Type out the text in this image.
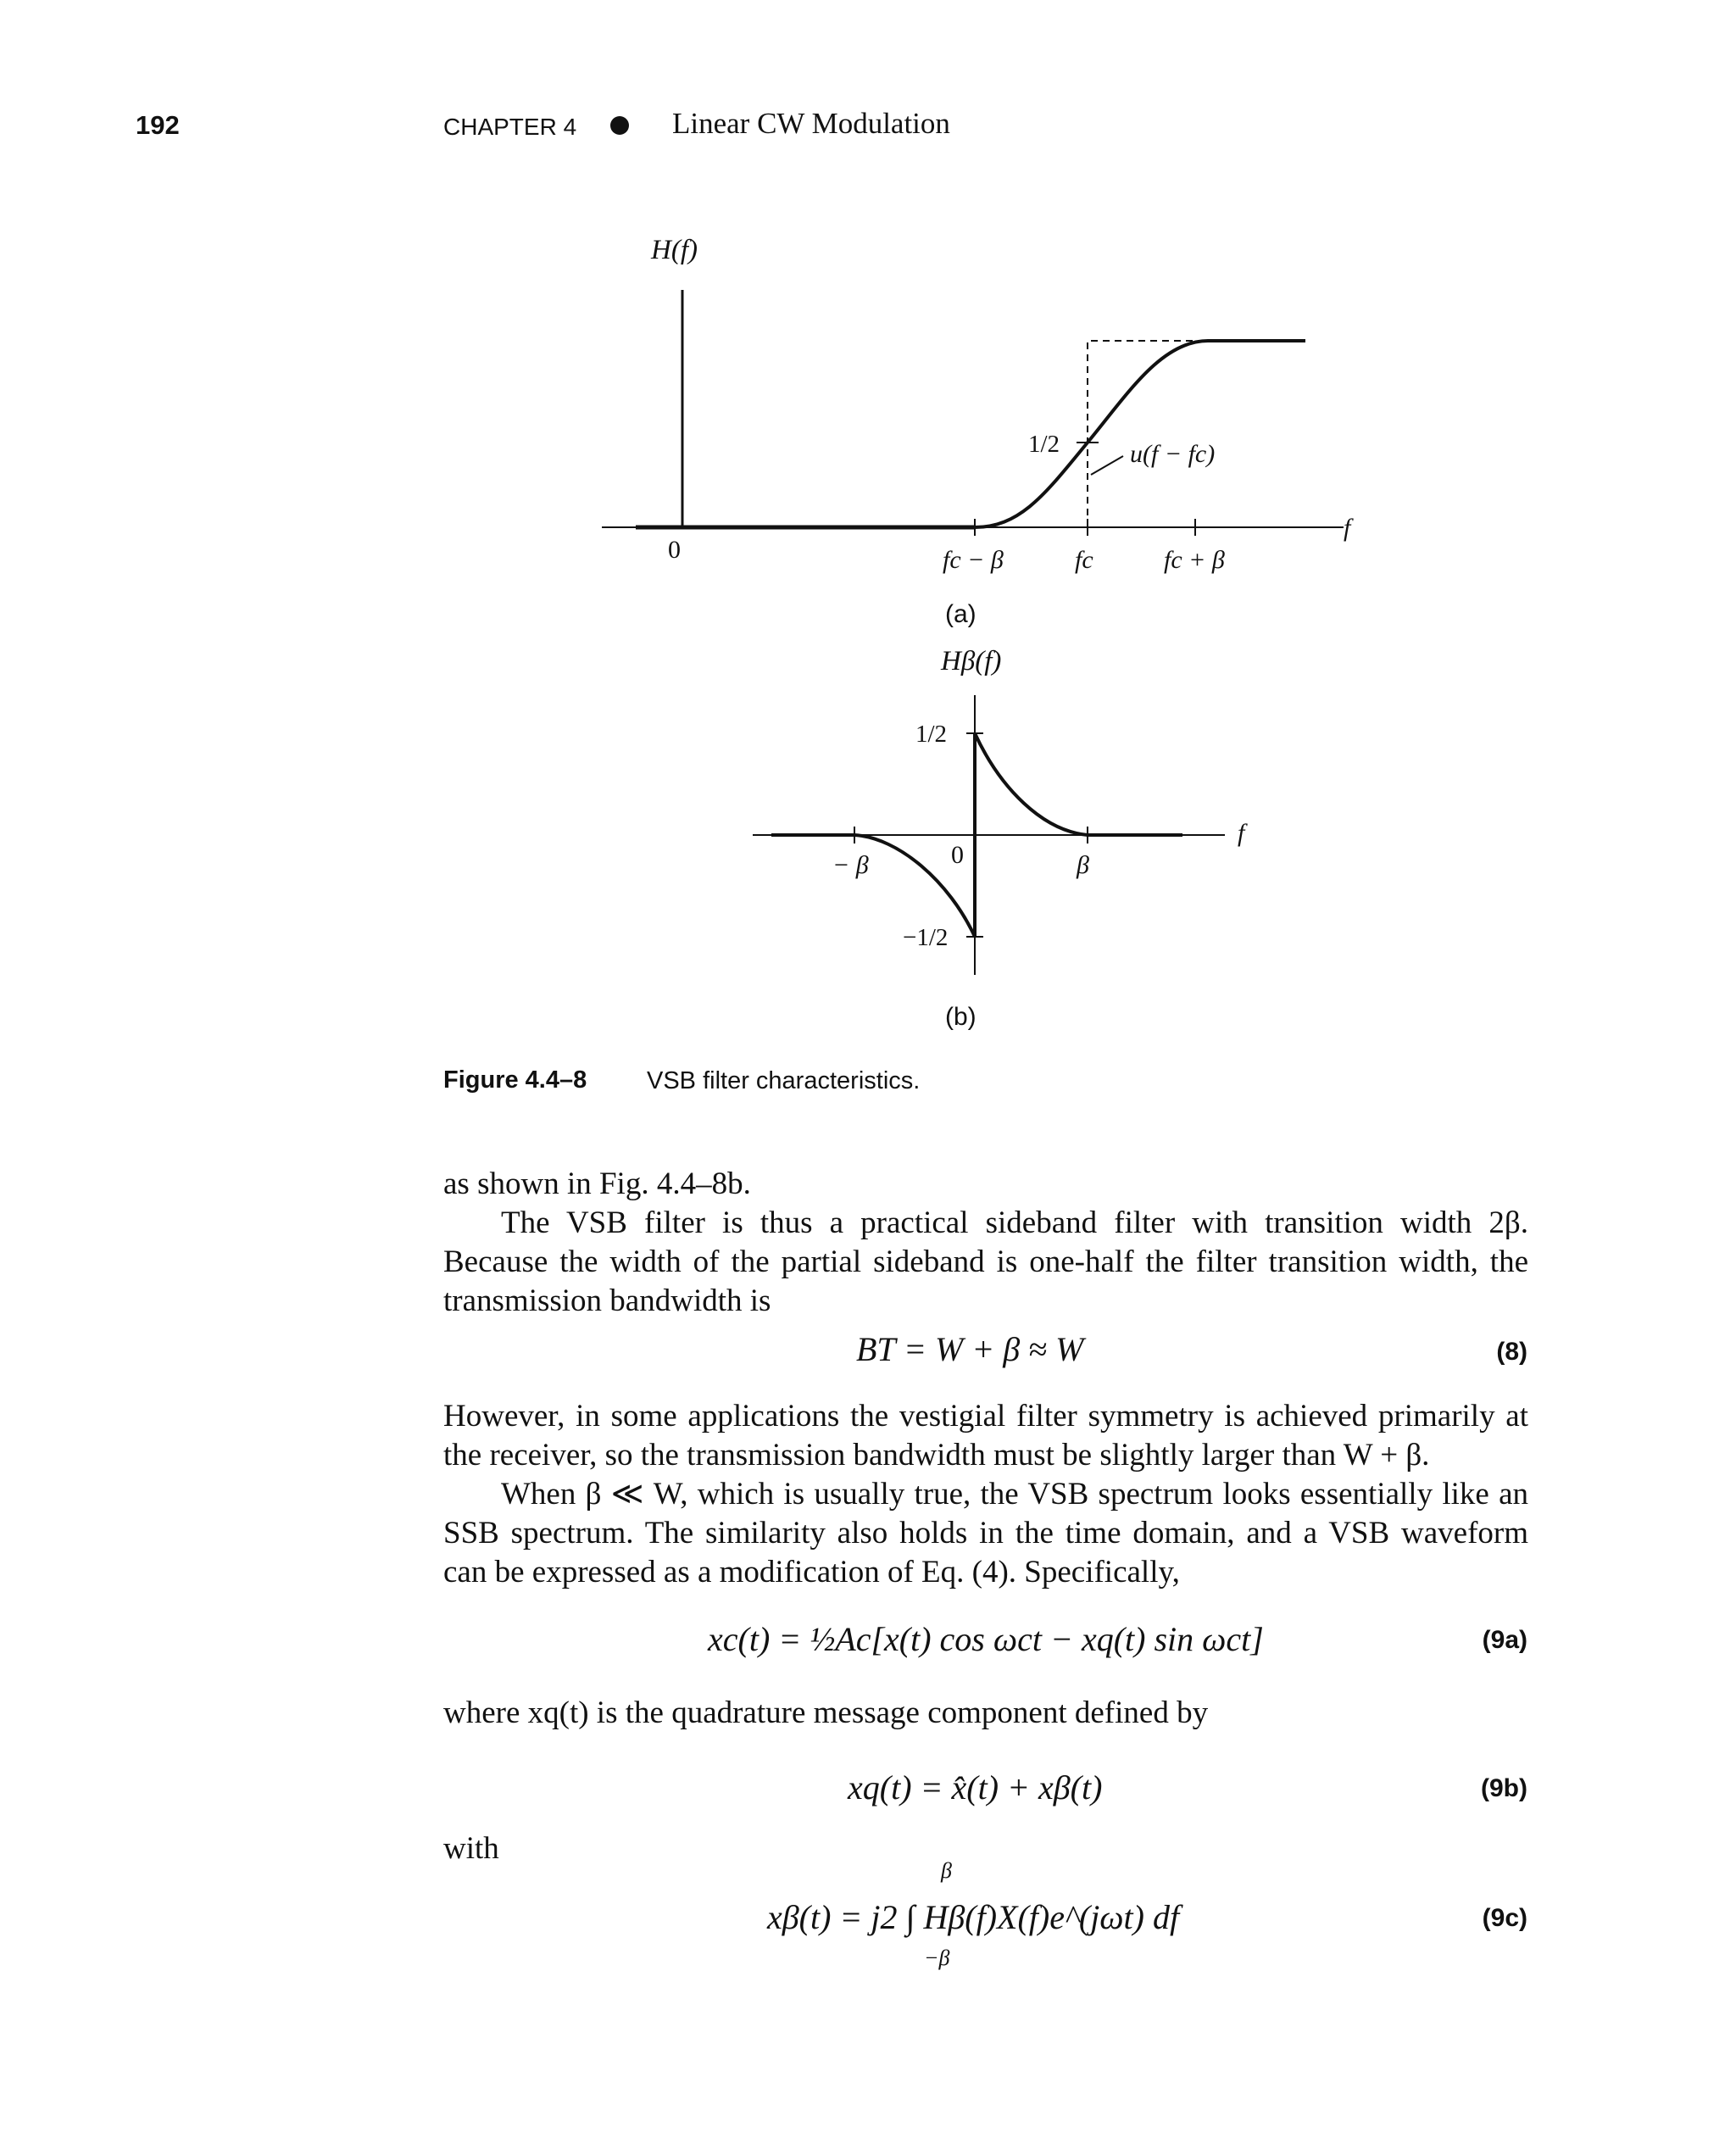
192	CHAPTER 4	Linear CW Modulation
H(f)
f
0
1/2	u(f − fc)
fc − β	fc	fc + β
Hβ(f)
f
0
1/2
−1/2
− β	β
(a)
(b)
Figure 4.4–8 VSB filter characteristics.
as shown in Fig. 4.4–8b.
The VSB filter is thus a practical sideband filter with transition width 2β. Because the width of the partial sideband is one-half the filter transition width, the transmission bandwidth is
BT = W + β ≈ W	(8)
However, in some applications the vestigial filter symmetry is achieved primarily at the receiver, so the transmission bandwidth must be slightly larger than W + β.
When β ≪ W, which is usually true, the VSB spectrum looks essentially like an SSB spectrum. The similarity also holds in the time domain, and a VSB waveform can be expressed as a modification of Eq. (4). Specifically,
xc(t) = ½Ac[x(t) cos ωct − xq(t) sin ωct]	(9a)
where xq(t) is the quadrature message component defined by
xq(t) = x̂(t) + xβ(t)	(9b)
with
xβ(t) = j2 ∫ Hβ(f)X(f)e^(jωt) df
β
−β
(9c)
